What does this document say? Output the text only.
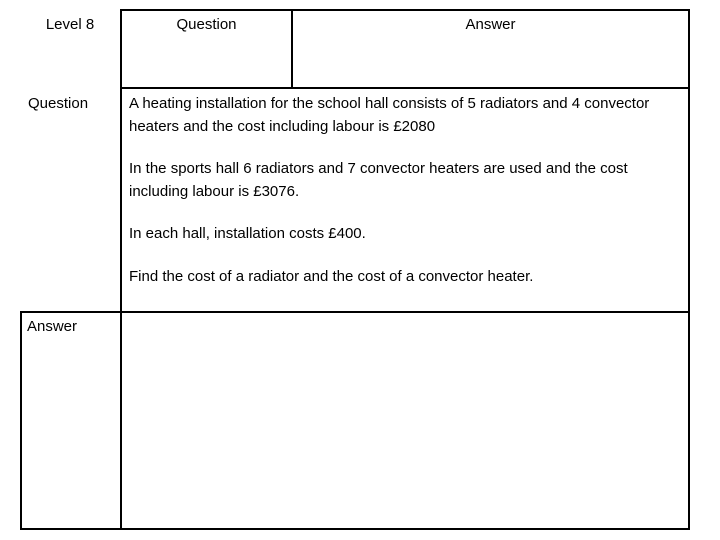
Level 8	Question	Answer
Question
Answer
A heating installation for the school hall consists of 5 radiators and 4 convector heaters and the cost including labour is £2080
In the sports hall 6 radiators and 7 convector heaters are used and the cost including labour is £3076.
In each hall, installation costs £400.
Find the cost of a radiator and the cost of a convector heater.
